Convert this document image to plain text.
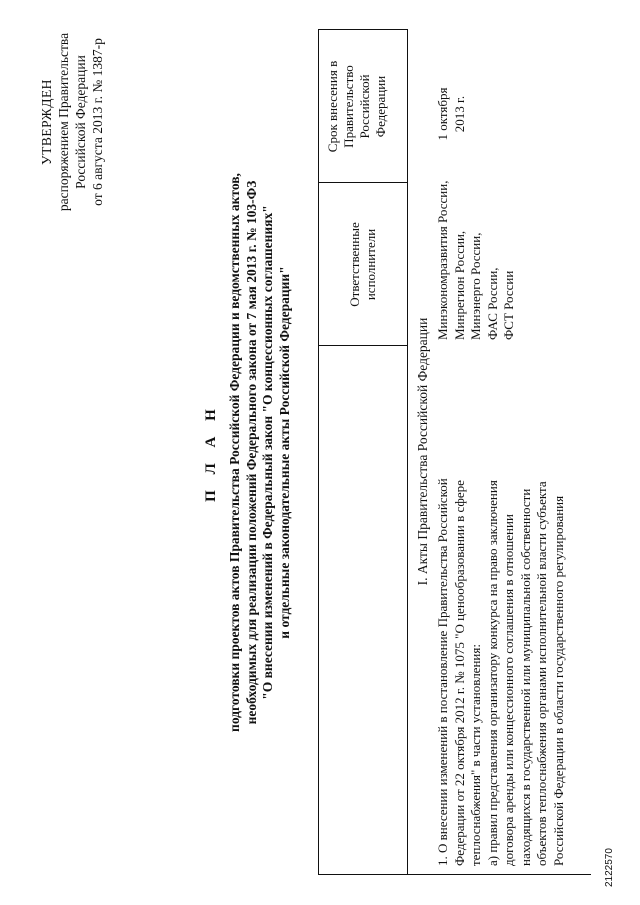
УТВЕРЖДЕН распоряжением Правительства Российской Федерации от 6 августа 2013 г. № 1387-р
П Л А Н подготовки проектов актов Правительства Российской Федерации и ведомственных актов, необходимых для реализации положений Федерального закона от 7 мая 2013 г. № 103-ФЗ "О внесении изменений в Федеральный закон "О концессионных соглашениях" и отдельные законодательные акты Российской Федерации"
Ответственные исполнители
Срок внесения в Правительство Российской Федерации
I. Акты Правительства Российской Федерации
1. О внесении изменений в постановление Правительства Российской Федерации от 22 октября 2012 г. № 1075 "О ценообразовании в сфере теплоснабжения" в части установления: а) правил представления организатору конкурса на право заключения договора аренды или концессионного соглашения в отношении находящихся в государственной или муниципальной собственности объектов теплоснабжения органами исполнительной власти субъекта Российской Федерации в области государственного регулирования
Минэкономразвития России, Минрегион России, Минэнерго России, ФАС России, ФСТ России
1 октября 2013 г.
2122570
